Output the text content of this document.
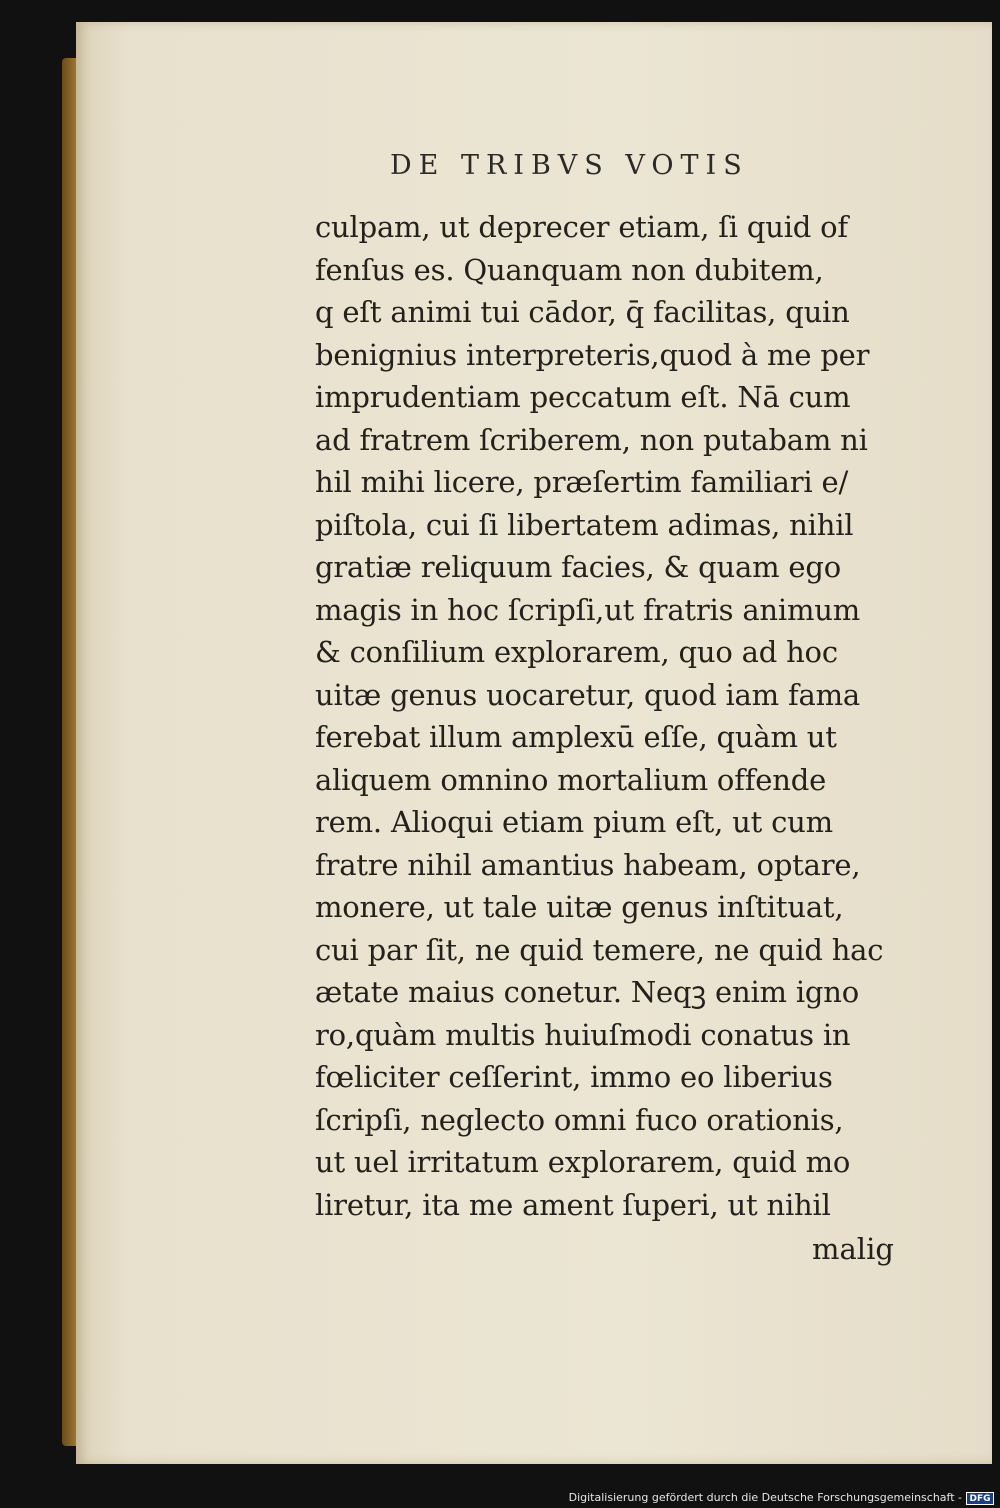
DE TRIBVS VOTIS
culpam, ut deprecer etiam, ſi quid of
fenſus es. Quanquam non dubitem,
q eſt animi tui cādor, q̄ facilitas, quin
benignius interpreteris,quod à me per
imprudentiam peccatum eſt. Nā cum
ad fratrem ſcriberem, non putabam ni
hil mihi licere, præſertim familiari e/
piſtola, cui ſi libertatem adimas, nihil
gratiæ reliquum facies, & quam ego
magis in hoc ſcripſi,ut fratris animum
& conſilium explorarem, quo ad hoc
uitæ genus uocaretur, quod iam fama
ferebat illum amplexū eſſe, quàm ut
aliquem omnino mortalium offende
rem. Alioqui etiam pium eſt, ut cum
fratre nihil amantius habeam, optare,
monere, ut tale uitæ genus inſtituat,
cui par ſit, ne quid temere, ne quid hac
ætate maius conetur. Neqꝫ enim igno
ro,quàm multis huiuſmodi conatus in
fœliciter ceſſerint, immo eo liberius
ſcripſi, neglecto omni fuco orationis,
ut uel irritatum explorarem, quid mo
liretur, ita me ament ſuperi, ut nihil
malig
Digitalisierung gefördert durch die Deutsche Forschungsgemeinschaft - DFG
